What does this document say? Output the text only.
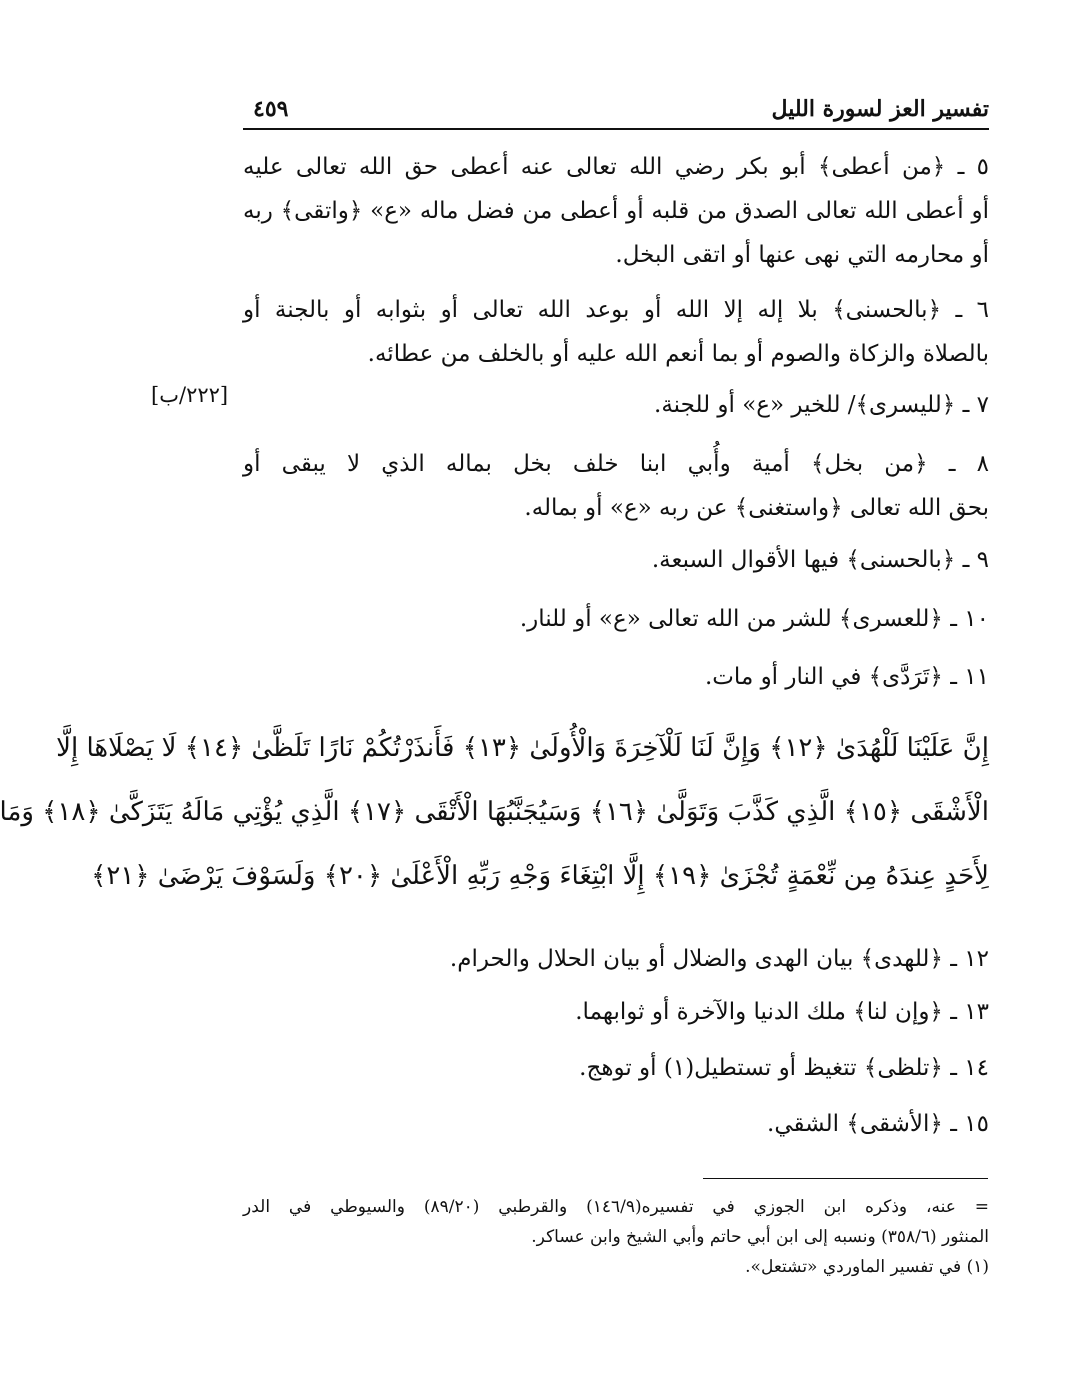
تفسير العز لسورة الليل
٤٥٩
[٢٢٢/ب]
٥ ـ ﴿من أعطى﴾ أبو بكر رضي الله تعالى عنه أعطى حق الله تعالى عليه
أو أعطى الله تعالى الصدق من قلبه أو أعطى من فضل ماله «ع» ﴿واتقى﴾ ربه
أو محارمه التي نهى عنها أو اتقى البخل.
٦ ـ ﴿بالحسنى﴾ بلا إله إلا الله أو بوعد الله تعالى أو بثوابه أو بالجنة أو
بالصلاة والزكاة والصوم أو بما أنعم الله عليه أو بالخلف من عطائه.
٧ ـ ﴿لليسرى﴾/ للخير «ع» أو للجنة.
٨ ـ ﴿من بخل﴾ أمية وأُبي ابنا خلف بخل بماله الذي لا يبقى أو
بحق الله تعالى ﴿واستغنى﴾ عن ربه «ع» أو بماله.
٩ ـ ﴿بالحسنى﴾ فيها الأقوال السبعة.
١٠ ـ ﴿للعسرى﴾ للشر من الله تعالى «ع» أو للنار.
١١ ـ ﴿تَرَدَّى﴾ في النار أو مات.
إِنَّ عَلَيْنَا لَلْهُدَىٰ ﴿١٢﴾ وَإِنَّ لَنَا لَلْآخِرَةَ وَالْأُولَىٰ ﴿١٣﴾ فَأَنذَرْتُكُمْ نَارًا تَلَظَّىٰ ﴿١٤﴾ لَا يَصْلَاهَا إِلَّا
الْأَشْقَى ﴿١٥﴾ الَّذِي كَذَّبَ وَتَوَلَّىٰ ﴿١٦﴾ وَسَيُجَنَّبُهَا الْأَتْقَى ﴿١٧﴾ الَّذِي يُؤْتِي مَالَهُ يَتَزَكَّىٰ ﴿١٨﴾ وَمَا
لِأَحَدٍ عِندَهُ مِن نِّعْمَةٍ تُجْزَىٰ ﴿١٩﴾ إِلَّا ابْتِغَاءَ وَجْهِ رَبِّهِ الْأَعْلَىٰ ﴿٢٠﴾ وَلَسَوْفَ يَرْضَىٰ ﴿٢١﴾
١٢ ـ ﴿للهدى﴾ بيان الهدى والضلال أو بيان الحلال والحرام.
١٣ ـ ﴿وإن لنا﴾ ملك الدنيا والآخرة أو ثوابهما.
١٤ ـ ﴿تلظى﴾ تتغيظ أو تستطيل(١) أو توهج.
١٥ ـ ﴿الأشقى﴾ الشقي.
= عنه، وذكره ابن الجوزي في تفسيره(١٤٦/٩) والقرطبي (٨٩/٢٠) والسيوطي في الدر
المنثور (٣٥٨/٦) ونسبه إلى ابن أبي حاتم وأبي الشيخ وابن عساكر.
(١) في تفسير الماوردي «تشتعل».
